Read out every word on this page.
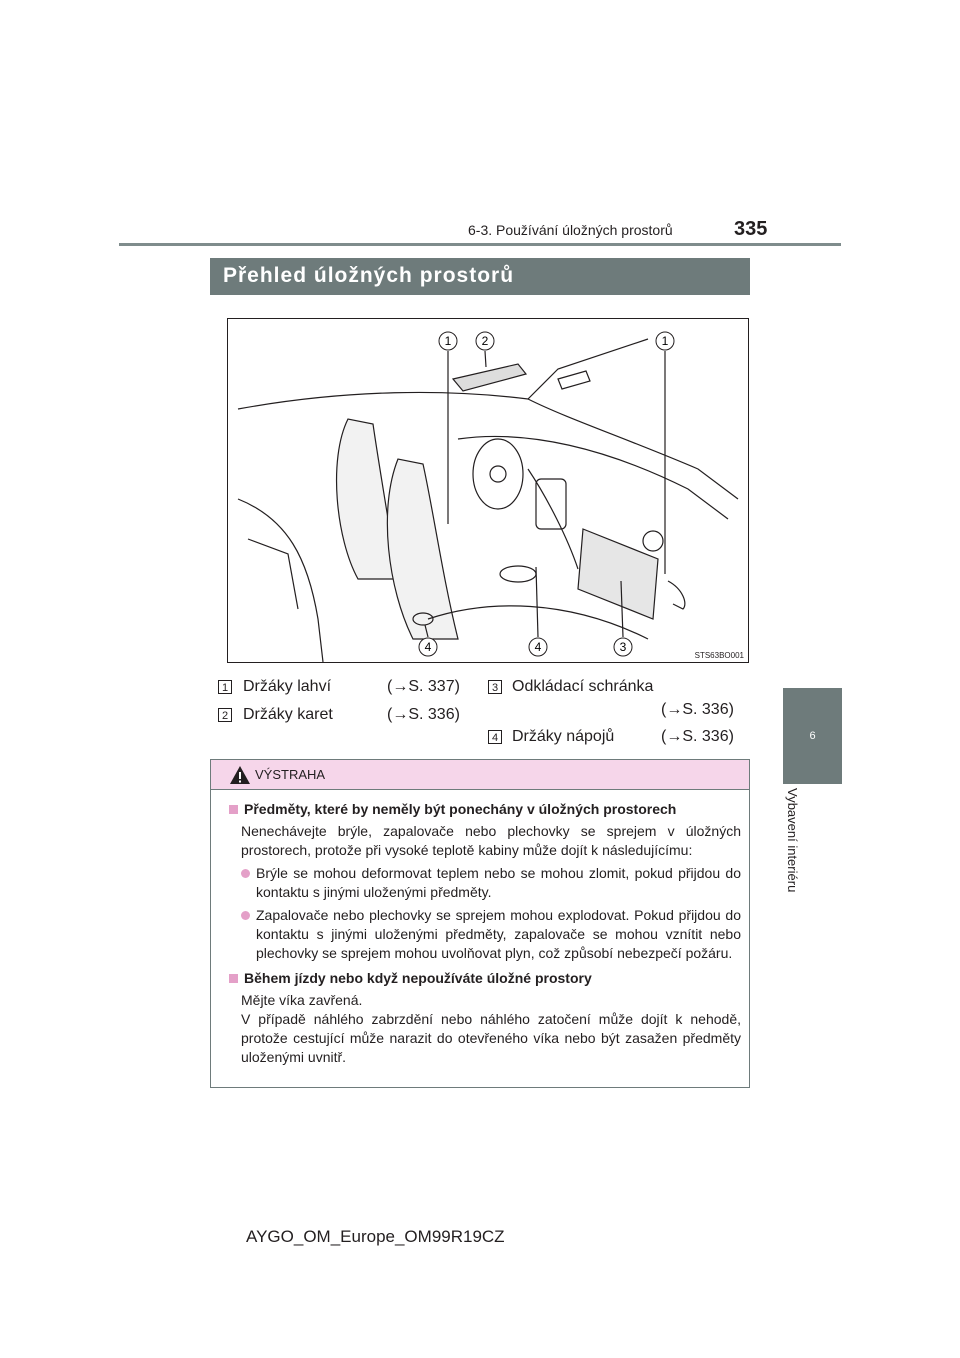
335
6-3. Používání úložných prostorů
6
Vybavení interiéru
Přehled úložných prostorů
1	2	1
4	4	3
STS63BO001
1 Držáky lahví	(→S. 337)
2 Držáky karet	(→S. 336)
3 Odkládací schránka
(→S. 336)
4 Držáky nápojů	(→S. 336)
VÝSTRAHA
Předměty, které by neměly být ponechány v úložných prostorech
Nenechávejte brýle, zapalovače nebo plechovky se sprejem v úložných prostorech, protože při vysoké teplotě kabiny může dojít k následujícímu:
Brýle se mohou deformovat teplem nebo se mohou zlomit, pokud přijdou do kontaktu s jinými uloženými předměty.
Zapalovače nebo plechovky se sprejem mohou explodovat. Pokud přijdou do kontaktu s jinými uloženými předměty, zapalovače se mohou vznítit nebo plechovky se sprejem mohou uvolňovat plyn, což způsobí nebezpečí požáru.
Během jízdy nebo když nepoužíváte úložné prostory
Mějte víka zavřená.
V případě náhlého zabrzdění nebo náhlého zatočení může dojít k nehodě, protože cestující může narazit do otevřeného víka nebo být zasažen předměty uloženými uvnitř.
AYGO_OM_Europe_OM99R19CZ
